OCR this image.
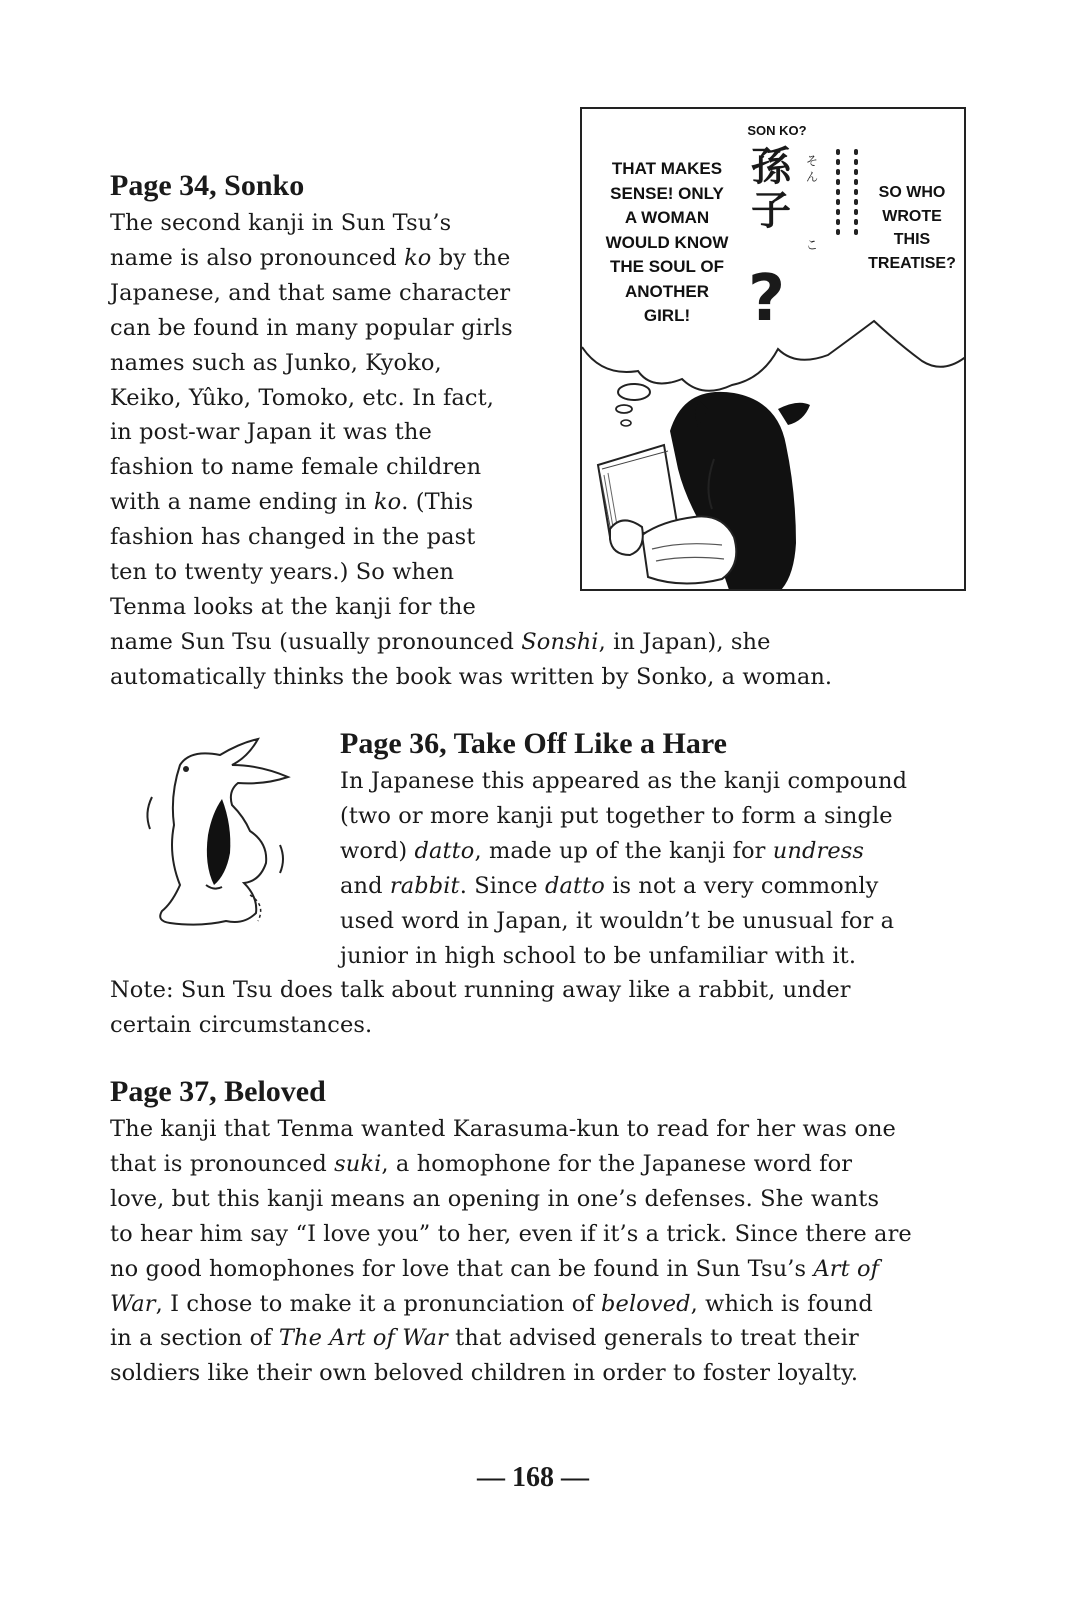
Page 34, Sonko
The second kanji in Sun Tsu’s
name is also pronounced ko by the
Japanese, and that same character
can be found in many popular girls
names such as Junko, Kyoko,
Keiko, Yûko, Tomoko, etc. In fact,
in post-war Japan it was the
fashion to name female children
with a name ending in ko. (This
fashion has changed in the past
ten to twenty years.) So when
Tenma looks at the kanji for the
name Sun Tsu (usually pronounced Sonshi, in Japan), she
automatically thinks the book was written by Sonko, a woman.
SON KO?
THAT MAKES
SENSE! ONLY
A WOMAN
WOULD KNOW
THE SOUL OF
ANOTHER
GIRL!
孫
子
そ
ん
こ
?
SO WHO
WROTE
THIS
TREATISE?
Page 36, Take Off Like a Hare
In Japanese this appeared as the kanji compound
(two or more kanji put together to form a single
word) datto, made up of the kanji for undress
and rabbit. Since datto is not a very commonly
used word in Japan, it wouldn’t be unusual for a
junior in high school to be unfamiliar with it.
Note: Sun Tsu does talk about running away like a rabbit, under
certain circumstances.
Page 37, Beloved
The kanji that Tenma wanted Karasuma-kun to read for her was one
that is pronounced suki, a homophone for the Japanese word for
love, but this kanji means an opening in one’s defenses. She wants
to hear him say “I love you” to her, even if it’s a trick. Since there are
no good homophones for love that can be found in Sun Tsu’s Art of
War, I chose to make it a pronunciation of beloved, which is found
in a section of The Art of War that advised generals to treat their
soldiers like their own beloved children in order to foster loyalty.
— 168 —
